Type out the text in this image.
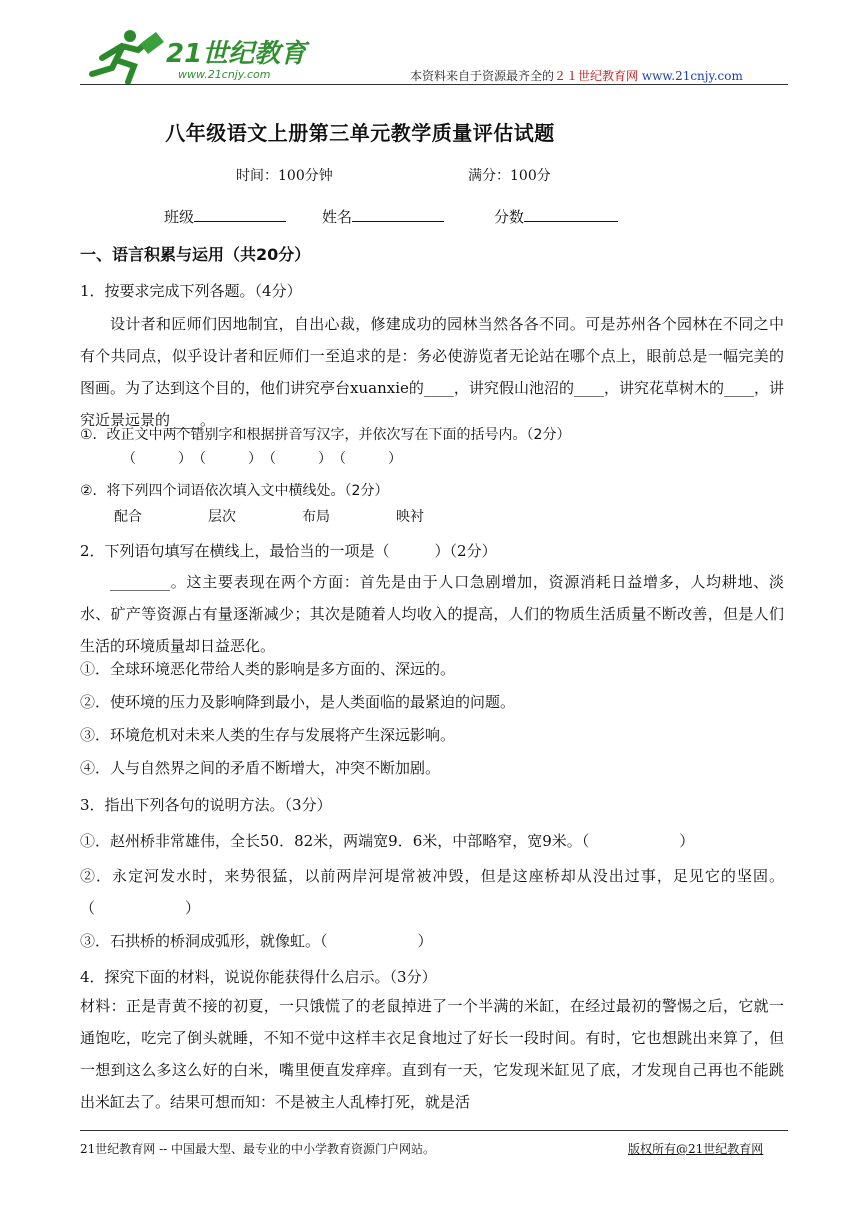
21世纪教育
www.21cnjy.com	本资料来自于资源最齐全的２１世纪教育网 www.21cnjy.com
八年级语文上册第三单元教学质量评估试题
时间：100分钟	满分：100分
班级	姓名	分数
一、语言积累与运用（共20分）
1．按要求完成下列各题。（4分）
设计者和匠师们因地制宜，自出心裁，修建成功的园林当然各各不同。可是苏州各个园林在不同之中有个共同点，似乎设计者和匠师们一至追求的是：务必使游览者无论站在哪个点上，眼前总是一幅完美的图画。为了达到这个目的，他们讲究亭台xuanxie的____，讲究假山池沼的____，讲究花草树木的____，讲究近景远景的____。
①．改正文中两个错别字和根据拼音写汉字，并依次写在下面的括号内。（2分）
（　　　）　（　　　）　（　　　）　（　　　）
②．将下列四个词语依次填入文中横线处。（2分）
配合	层次	布局	映衬
2．下列语句填写在横线上，最恰当的一项是（　　　）（2分）
________。这主要表现在两个方面：首先是由于人口急剧增加，资源消耗日益增多，人均耕地、淡水、矿产等资源占有量逐渐减少；其次是随着人均收入的提高，人们的物质生活质量不断改善，但是人们生活的环境质量却日益恶化。
①．全球环境恶化带给人类的影响是多方面的、深远的。
②．使环境的压力及影响降到最小，是人类面临的最紧迫的问题。
③．环境危机对未来人类的生存与发展将产生深远影响。
④．人与自然界之间的矛盾不断增大，冲突不断加剧。
3．指出下列各句的说明方法。（3分）
①．赵州桥非常雄伟，全长50．82米，两端宽9．6米，中部略窄，宽9米。（　　　　　　）
②．永定河发水时，来势很猛，以前两岸河堤常被冲毁，但是这座桥却从没出过事，足见它的坚固。（　　　　　　）
③．石拱桥的桥洞成弧形，就像虹。（　　　　　　）
4．探究下面的材料，说说你能获得什么启示。（3分）
材料：正是青黄不接的初夏，一只饿慌了的老鼠掉进了一个半满的米缸，在经过最初的警惕之后，它就一通饱吃，吃完了倒头就睡，不知不觉中这样丰衣足食地过了好长一段时间。有时，它也想跳出来算了，但一想到这么多这么好的白米，嘴里便直发痒痒。直到有一天，它发现米缸见了底，才发现自己再也不能跳出米缸去了。结果可想而知：不是被主人乱棒打死，就是活
21世纪教育网 -- 中国最大型、最专业的中小学教育资源门户网站。	版权所有@21世纪教育网
